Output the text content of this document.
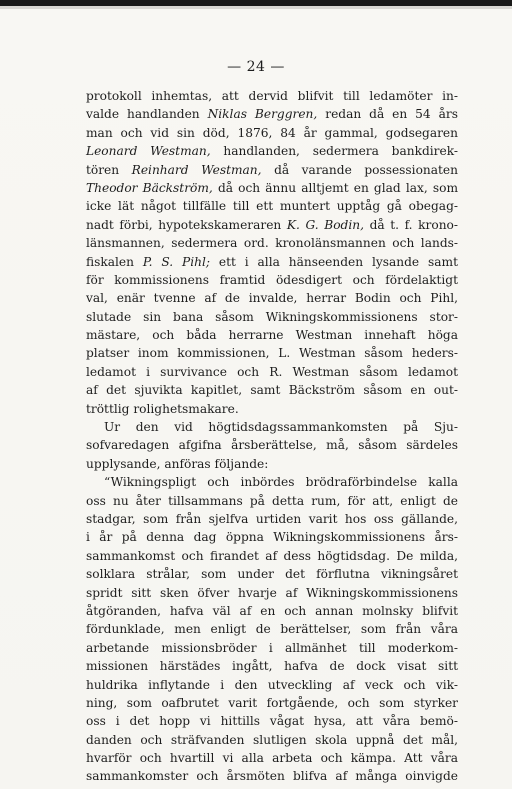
— 24 —
protokoll inhemtas, att dervid blifvit till ledamöter in-
valde handlanden Niklas Berggren, redan då en 54 års
man och vid sin död, 1876, 84 år gammal, godsegaren
Leonard Westman, handlanden, sedermera bankdirek-
tören Reinhard Westman, då varande possessionaten
Theodor Bäckström, då och ännu alltjemt en glad lax, som
icke lät något tillfälle till ett muntert upptåg gå obegag-
nadt förbi, hypotekskameraren K. G. Bodin, då t. f. krono-
länsmannen, sedermera ord. kronolänsmannen och lands-
fiskalen P. S. Pihl; ett i alla hänseenden lysande samt
för kommissionens framtid ödesdigert och fördelaktigt
val, enär tvenne af de invalde, herrar Bodin och Pihl,
slutade sin bana såsom Wikningskommissionens stor-
mästare, och båda herrarne Westman innehaft höga
platser inom kommissionen, L. Westman såsom heders-
ledamot i survivance och R. Westman såsom ledamot
af det sjuvikta kapitlet, samt Bäckström såsom en out-
tröttlig rolighetsmakare.
Ur den vid högtidsdagssammankomsten på Sju-
sofvaredagen afgifna årsberättelse, må, såsom särdeles
upplysande, anföras följande:
“Wikningspligt och inbördes brödraförbindelse kalla
oss nu åter tillsammans på detta rum, för att, enligt de
stadgar, som från sjelfva urtiden varit hos oss gällande,
i år på denna dag öppna Wikningskommissionens års-
sammankomst och firandet af dess högtidsdag. De milda,
solklara strålar, som under det förflutna vikningsåret
spridt sitt sken öfver hvarje af Wikningskommissionens
åtgöranden, hafva väl af en och annan molnsky blifvit
fördunklade, men enligt de berättelser, som från våra
arbetande missionsbröder i allmänhet till moderkom-
missionen härstädes ingått, hafva de dock visat sitt
huldrika inflytande i den utveckling af veck och vik-
ning, som oafbrutet varit fortgående, och som styrker
oss i det hopp vi hittills vågat hysa, att våra bemö-
danden och sträfvanden slutligen skola uppnå det mål,
hvarför och hvartill vi alla arbeta och kämpa. Att våra
sammankomster och årsmöten blifva af många oinvigde
